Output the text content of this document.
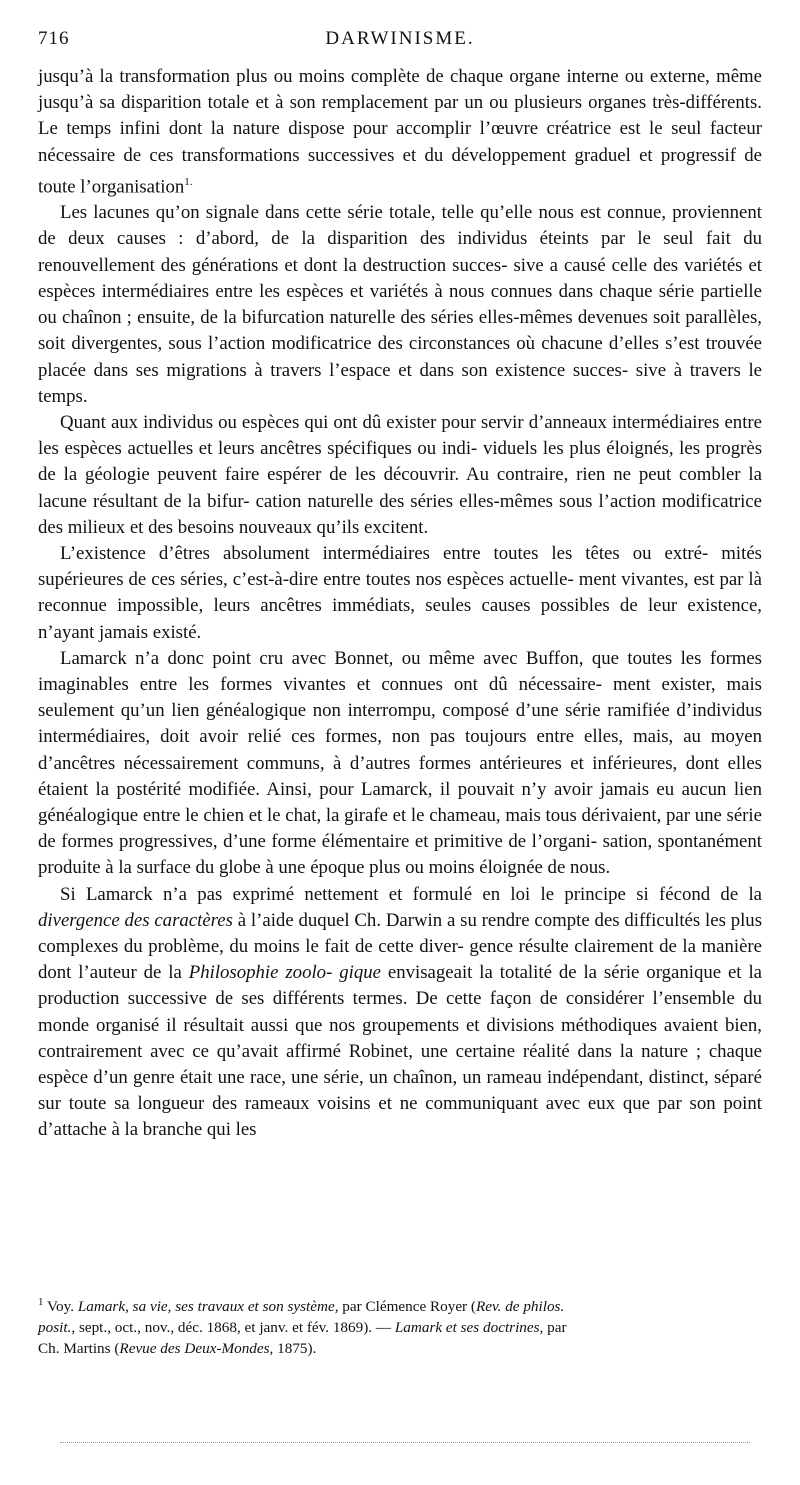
716	DARWINISME.

jusqu’à la transformation plus ou moins complète de chaque organe interne ou externe, même jusqu’à sa disparition totale et à son remplacement par un ou plusieurs organes très-différents. Le temps infini dont la nature dispose pour accomplir l’œuvre créatrice est le seul facteur nécessaire de ces transformations successives et du développement graduel et progressif de toute l’organisation$^{1.}$

Les lacunes qu’on signale dans cette série totale, telle qu’elle nous est connue, proviennent de deux causes : d’abord, de la disparition des individus éteints par le seul fait du renouvellement des générations et dont la destruction succes- sive a causé celle des variétés et espèces intermédiaires entre les espèces et variétés à nous connues dans chaque série partielle ou chaînon ; ensuite, de la bifurcation naturelle des séries elles-mêmes devenues soit parallèles, soit divergentes, sous l’action modificatrice des circonstances où chacune d’elles s’est trouvée placée dans ses migrations à travers l’espace et dans son existence succes- sive à travers le temps.

Quant aux individus ou espèces qui ont dû exister pour servir d’anneaux intermédiaires entre les espèces actuelles et leurs ancêtres spécifiques ou indi- viduels les plus éloignés, les progrès de la géologie peuvent faire espérer de les découvrir. Au contraire, rien ne peut combler la lacune résultant de la bifur- cation naturelle des séries elles-mêmes sous l’action modificatrice des milieux et des besoins nouveaux qu’ils excitent.

L’existence d’êtres absolument intermédiaires entre toutes les têtes ou extré- mités supérieures de ces séries, c’est-à-dire entre toutes nos espèces actuelle- ment vivantes, est par là reconnue impossible, leurs ancêtres immédiats, seules causes possibles de leur existence, n’ayant jamais existé.

Lamarck n’a donc point cru avec Bonnet, ou même avec Buffon, que toutes les formes imaginables entre les formes vivantes et connues ont dû nécessaire- ment exister, mais seulement qu’un lien généalogique non interrompu, composé d’une série ramifiée d’individus intermédiaires, doit avoir relié ces formes, non pas toujours entre elles, mais, au moyen d’ancêtres nécessairement communs, à d’autres formes antérieures et inférieures, dont elles étaient la postérité modifiée. Ainsi, pour Lamarck, il pouvait n’y avoir jamais eu aucun lien généalogique entre le chien et le chat, la girafe et le chameau, mais tous dérivaient, par une série de formes progressives, d’une forme élémentaire et primitive de l’organi- sation, spontanément produite à la surface du globe à une époque plus ou moins éloignée de nous.

Si Lamarck n’a pas exprimé nettement et formulé en loi le principe si fécond de la divergence des caractères à l’aide duquel Ch. Darwin a su rendre compte des difficultés les plus complexes du problème, du moins le fait de cette diver- gence résulte clairement de la manière dont l’auteur de la Philosophie zoolo- gique envisageait la totalité de la série organique et la production successive de ses différents termes. De cette façon de considérer l’ensemble du monde organisé il résultait aussi que nos groupements et divisions méthodiques avaient bien, contrairement avec ce qu’avait affirmé Robinet, une certaine réalité dans la nature ; chaque espèce d’un genre était une race, une série, un chaînon, un rameau indépendant, distinct, séparé sur toute sa longueur des rameaux voisins et ne communiquant avec eux que par son point d’attache à la branche qui les

$^1$ Voy. Lamark, sa vie, ses travaux et son système, par Clémence Royer (Rev. de philos.
posit., sept., oct., nov., déc. 1868, et janv. et fév. 1869). — Lamark et ses doctrines, par
Ch. Martins (Revue des Deux-Mondes, 1875).
